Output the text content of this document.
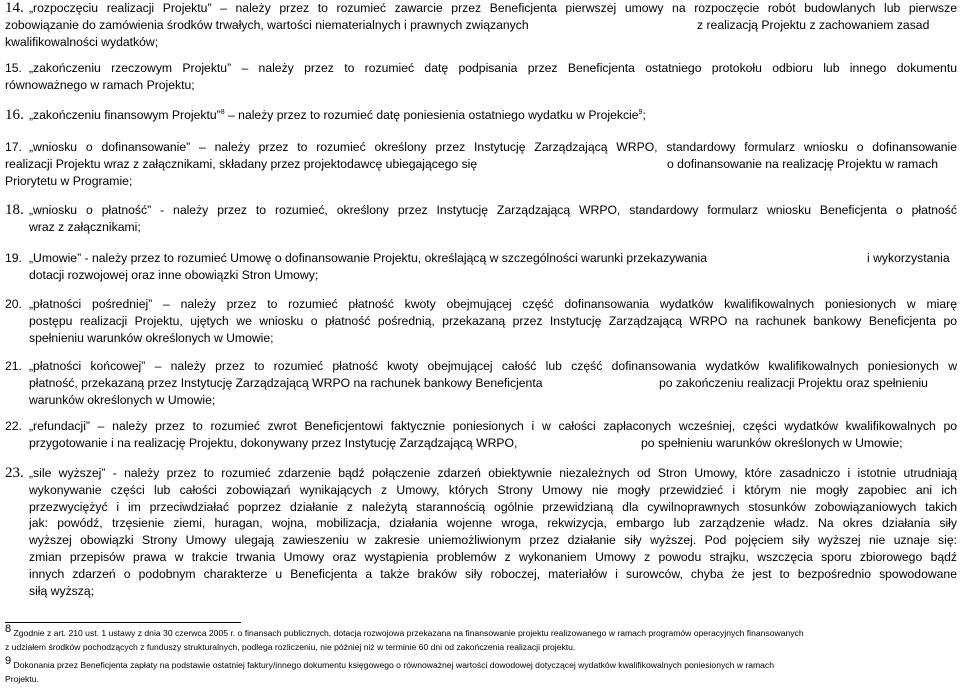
14. „rozpoczęciu realizacji Projektu” – należy przez to rozumieć zawarcie przez Beneficjenta pierwszej umowy na rozpoczęcie robót budowlanych lub pierwsze
zobowiązanie do zamówienia środków trwałych, wartości niematerialnych i prawnych związanych	z realizacją Projektu z zachowaniem zasad
kwalifikowalności wydatków;
15. „zakończeniu rzeczowym Projektu” – należy przez to rozumieć datę podpisania przez Beneficjenta ostatniego protokołu odbioru lub innego dokumentu
równoważnego w ramach Projektu;
16. „zakończeniu finansowym Projektu”$^8$ – należy przez to rozumieć datę poniesienia ostatniego wydatku w Projekcie$^9$;
17. „wniosku o dofinansowanie” – należy przez to rozumieć określony przez Instytucję Zarządzającą WRPO, standardowy formularz wniosku o dofinansowanie
realizacji Projektu wraz z załącznikami, składany przez projektodawcę ubiegającego się	o dofinansowanie na realizację Projektu w ramach
Priorytetu w Programie;
18. „wniosku o płatność” - należy przez to rozumieć, określony przez Instytucję Zarządzającą WRPO, standardowy formularz wniosku Beneficjenta o płatność
wraz z załącznikami;
19. „Umowie” - należy przez to rozumieć Umowę o dofinansowanie Projektu, określającą w szczególności warunki przekazywania	i wykorzystania
dotacji rozwojowej oraz inne obowiązki Stron Umowy;
20. „płatności pośredniej” – należy przez to rozumieć płatność kwoty obejmującej część dofinansowania wydatków kwalifikowalnych poniesionych w miarę
postępu realizacji Projektu, ujętych we wniosku o płatność pośrednią, przekazaną przez Instytucję Zarządzającą WRPO na rachunek bankowy Beneficjenta po
spełnieniu warunków określonych w Umowie;
21. „płatności końcowej” – należy przez to rozumieć płatność kwoty obejmującej całość lub część dofinansowania wydatków kwalifikowalnych poniesionych w
płatność, przekazaną przez Instytucję Zarządzającą WRPO na rachunek bankowy Beneficjenta	po zakończeniu realizacji Projektu oraz spełnieniu
warunków określonych w Umowie;
22. „refundacji” – należy przez to rozumieć zwrot Beneficjentowi faktycznie poniesionych i w całości zapłaconych wcześniej, części wydatków kwalifikowalnych po
przygotowanie i na realizację Projektu, dokonywany przez Instytucję Zarządzającą WRPO,	po spełnieniu warunków określonych w Umowie;
23. „sile wyższej” - należy przez to rozumieć zdarzenie bądź połączenie zdarzeń obiektywnie niezależnych od Stron Umowy, które zasadniczo i istotnie utrudniają
wykonywanie części lub całości zobowiązań wynikających z Umowy, których Strony Umowy nie mogły przewidzieć i którym nie mogły zapobiec ani ich
przezwyciężyć i im przeciwdziałać poprzez działanie z należytą starannością ogólnie przewidzianą dla cywilnoprawnych stosunków zobowiązaniowych takich
jak: powódź, trzęsienie ziemi, huragan, wojna, mobilizacja, działania wojenne wroga, rekwizycja, embargo lub zarządzenie władz. Na okres działania siły
wyższej obowiązki Strony Umowy ulegają zawieszeniu w zakresie uniemożliwionym przez działanie siły wyższej. Pod pojęciem siły wyższej nie uznaje się:
zmian przepisów prawa w trakcie trwania Umowy oraz wystąpienia problemów z wykonaniem Umowy z powodu strajku, wszczęcia sporu zbiorowego bądź
innych zdarzeń o podobnym charakterze u Beneficjenta a także braków siły roboczej, materiałów i surowców, chyba że jest to bezpośrednio spowodowane
siłą wyższą;
$^8$ Zgodnie z art. 210 ust. 1 ustawy z dnia 30 czerwca 2005 r. o finansach publicznych, dotacja rozwojowa przekazana na finansowanie projektu realizowanego w ramach programów operacyjnych finansowanych
z udziałem środków pochodzących z funduszy strukturalnych, podlega rozliczeniu, nie później niż w terminie 60 dni od zakończenia realizacji projektu.
$^9$ Dokonania przez Beneficjenta zapłaty na podstawie ostatniej faktury/innego dokumentu księgowego o równoważnej wartości dowodowej dotyczącej wydatków kwalifikowalnych poniesionych w ramach
Projektu.
